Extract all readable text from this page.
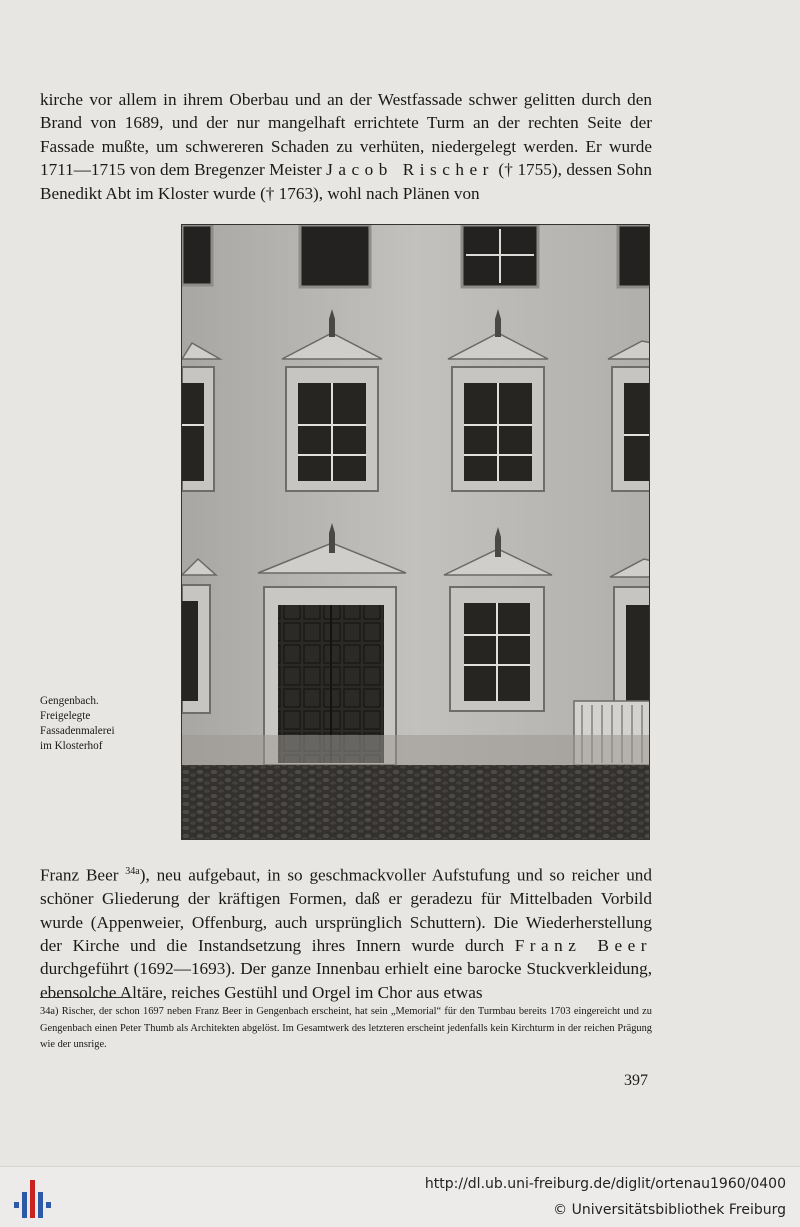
kirche vor allem in ihrem Oberbau und an der Westfassade schwer gelitten durch den Brand von 1689, und der nur mangelhaft errichtete Turm an der rechten Seite der Fassade mußte, um schwereren Schaden zu verhüten, niedergelegt werden. Er wurde 1711—1715 von dem Bregenzer Meister Jacob Rischer († 1755), dessen Sohn Benedikt Abt im Kloster wurde († 1763), wohl nach Plänen von

Gengenbach.
Freigelegte
Fassadenmalerei
im Klosterhof

Franz Beer $^{34a}$), neu aufgebaut, in so geschmackvoller Aufstufung und so reicher und schöner Gliederung der kräftigen Formen, daß er geradezu für Mittelbaden Vorbild wurde (Appenweier, Offenburg, auch ursprünglich Schuttern). Die Wiederherstellung der Kirche und die Instandsetzung ihres Innern wurde durch Franz Beer durchgeführt (1692—1693). Der ganze Innenbau erhielt eine barocke Stuckverkleidung, ebensolche Altäre, reiches Gestühl und Orgel im Chor aus etwas

34a) Rischer, der schon 1697 neben Franz Beer in Gengenbach erscheint, hat sein „Memorial“ für den Turmbau bereits 1703 eingereicht und zu Gengenbach einen Peter Thumb als Architekten abgelöst. Im Gesamtwerk des letzteren erscheint jedenfalls kein Kirchturm in der reichen Prägung wie der unsrige.

397
http://dl.ub.uni-freiburg.de/diglit/ortenau1960/0400
© Universitätsbibliothek Freiburg
